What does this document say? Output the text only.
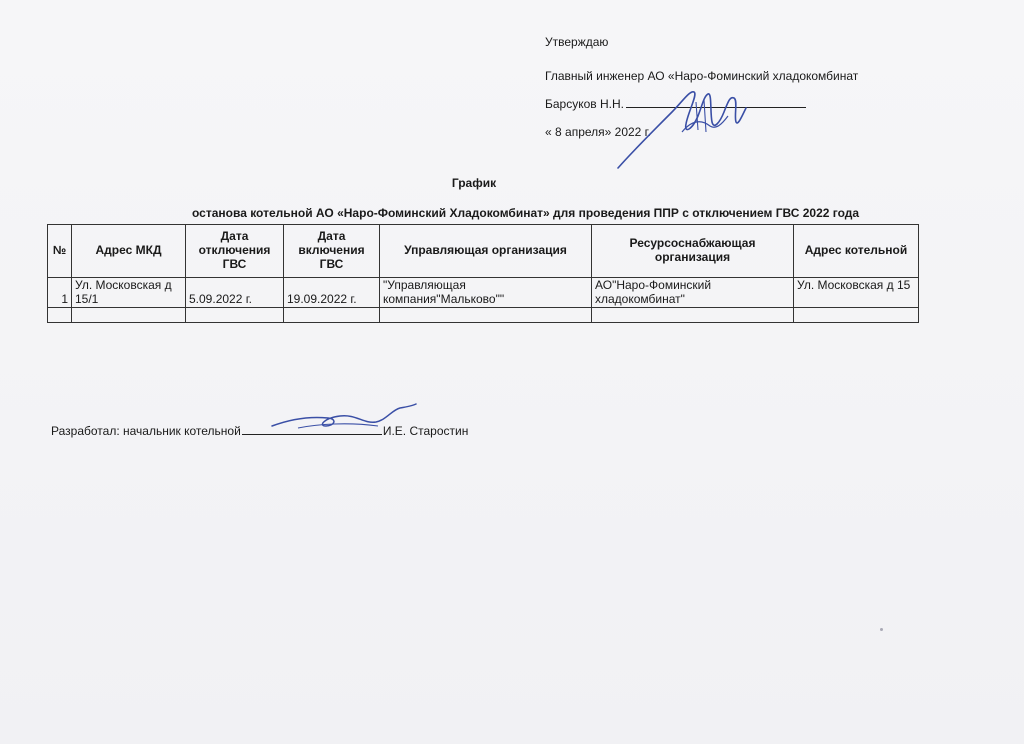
Утверждаю
Главный инженер АО «Наро-Фоминский хладокомбинат
Барсуков Н.Н.
« 8 апреля» 2022 г.
График
останова котельной АО «Наро-Фоминский Хладокомбинат» для проведения ППР с отключением ГВС 2022 года
№	Адрес МКД	Дата отключения ГВС	Дата включения ГВС	Управляющая организация	Ресурсоснабжающая организация	Адрес котельной
1	Ул. Московская д 15/1	5.09.2022 г.	19.09.2022 г.	"Управляющая компания"Мальково""	АО"Наро-Фоминский хладокомбинат"	Ул. Московская д 15

Разработал: начальник котельной	И.Е. Старостин
